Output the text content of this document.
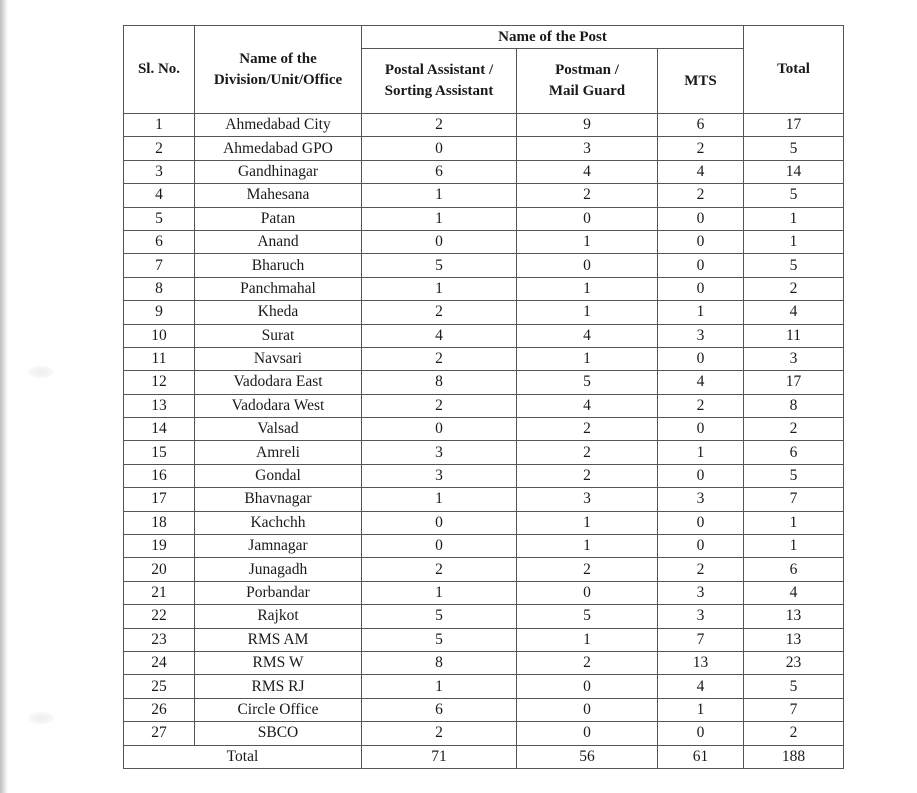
Sl. No.	Name of the Division/Unit/Office	Name of the Post			Total
		Postal Assistant / Sorting Assistant	Postman / Mail Guard	MTS	
1	Ahmedabad City	2	9	6	17
2	Ahmedabad GPO	0	3	2	5
3	Gandhinagar	6	4	4	14
4	Mahesana	1	2	2	5
5	Patan	1	0	0	1
6	Anand	0	1	0	1
7	Bharuch	5	0	0	5
8	Panchmahal	1	1	0	2
9	Kheda	2	1	1	4
10	Surat	4	4	3	11
11	Navsari	2	1	0	3
12	Vadodara East	8	5	4	17
13	Vadodara West	2	4	2	8
14	Valsad	0	2	0	2
15	Amreli	3	2	1	6
16	Gondal	3	2	0	5
17	Bhavnagar	1	3	3	7
18	Kachchh	0	1	0	1
19	Jamnagar	0	1	0	1
20	Junagadh	2	2	2	6
21	Porbandar	1	0	3	4
22	Rajkot	5	5	3	13
23	RMS AM	5	1	7	13
24	RMS W	8	2	13	23
25	RMS RJ	1	0	4	5
26	Circle Office	6	0	1	7
27	SBCO	2	0	0	2
Total		71	56	61	188
